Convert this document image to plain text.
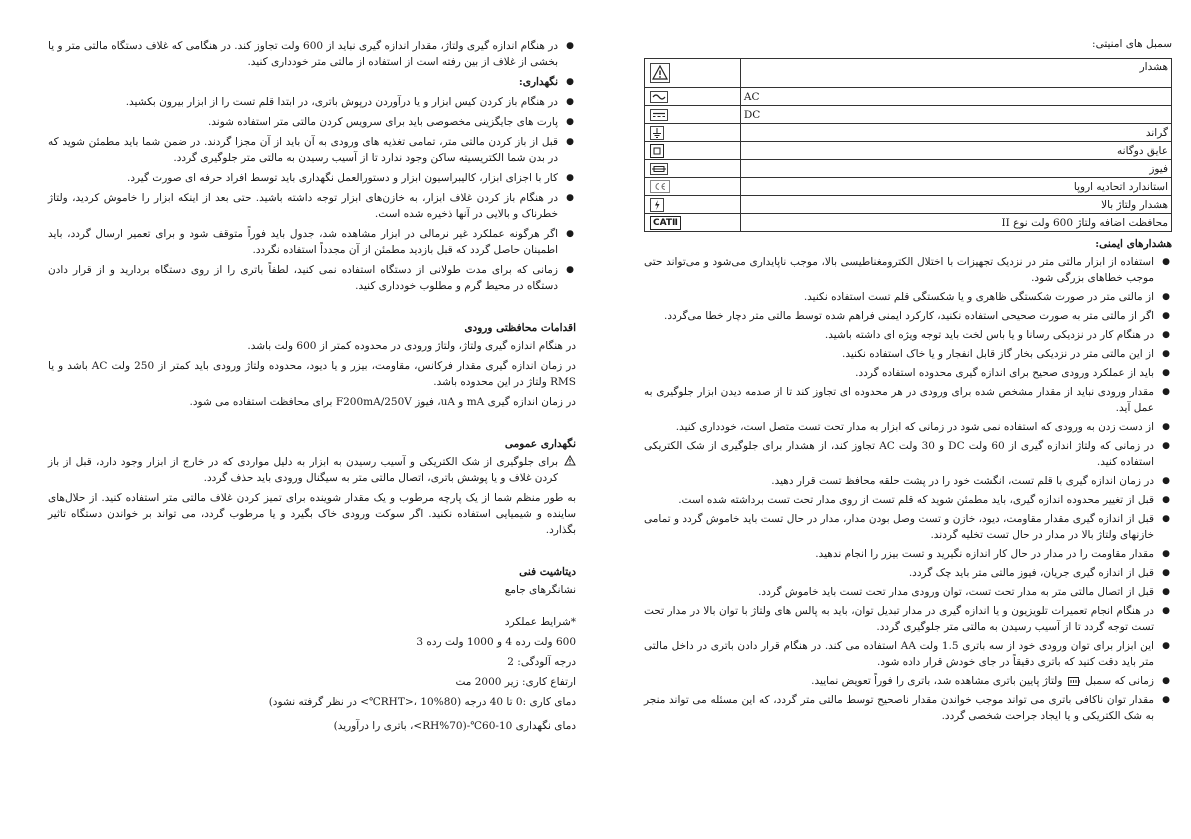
سمبل های امنیتی:
هشدار	
AC	
DC	
گراند	
عایق دوگانه	
فیوز	
استاندارد اتحادیه اروپا	
هشدار ولتاژ بالا	
محافظت اضافه ولتاژ 600 ولت نوع II	CATⅡ
هشدارهای ایمنی:
● استفاده از ابزار مالتی متر در نزدیک تجهیزات با اختلال الکترومغناطیسی بالا، موجب ناپایداری می‌شود و می‌تواند حتی موجب خطاهای بزرگی شود.
● از مالتی متر در صورت شکستگی ظاهری و یا شکستگی قلم تست استفاده نکنید.
● اگر از مالتی متر به صورت صحیحی استفاده نکنید، کارکرد ایمنی فراهم شده توسط مالتی متر دچار خطا می‌گردد.
● در هنگام کار در نزدیکی رسانا و یا باس لخت باید توجه ویژه ای داشته باشید.
● از این مالتی متر در نزدیکی بخار گاز قابل انفجار و یا خاک استفاده نکنید.
● باید از عملکرد ورودی صحیح برای اندازه گیری محدوده استفاده گردد.
● مقدار ورودی نباید از مقدار مشخص شده برای ورودی در هر محدوده ای تجاوز کند تا از صدمه دیدن ابزار جلوگیری به عمل آید.
● از دست زدن به ورودی که استفاده نمی شود در زمانی که ابزار به مدار تحت تست متصل است، خودداری کنید.
● در زمانی که ولتاژ اندازه گیری از 60 ولت DC و 30 ولت AC تجاوز کند، از هشدار برای جلوگیری از شک الکتریکی استفاده کنید.
● در زمان اندازه گیری با قلم تست، انگشت خود را در پشت حلقه محافظ تست قرار دهید.
● قبل از تغییر محدوده اندازه گیری، باید مطمئن شوید که قلم تست از روی مدار تحت تست برداشته شده است.
● قبل از اندازه گیری مقدار مقاومت، دیود، خازن و تست وصل بودن مدار، مدار در حال تست باید خاموش گردد و تمامی خازنهای ولتاژ بالا در مدار در حال تست تخلیه گردند.
● مقدار مقاومت را در مدار در حال کار اندازه نگیرید و تست بیزر را انجام ندهید.
● قبل از اندازه گیری جریان، فیوز مالتی متر باید چک گردد.
● قبل از اتصال مالتی متر به مدار تحت تست، توان ورودی مدار تحت تست باید خاموش گردد.
● در هنگام انجام تعمیرات تلویزیون و یا اندازه گیری در مدار تبدیل توان، باید به پالس های ولتاژ با توان بالا در مدار تحت تست توجه گردد تا از آسیب رسیدن به مالتی متر جلوگیری گردد.
● این ابزار برای توان ورودی خود از سه باتری 1.5 ولت AA استفاده می کند. در هنگام قرار دادن باتری در داخل مالتی متر باید دقت کنید که باتری دقیقاً در جای خودش قرار داده شود.
● زمانی که سمبل  ولتاژ پایین باتری مشاهده شد، باتری را فوراً تعویض نمایید.
● مقدار توان ناکافی باتری می تواند موجب خواندن مقدار ناصحیح توسط مالتی متر گردد، که این مسئله می تواند منجر به شک الکتریکی و یا ایجاد جراحت شخصی گردد.
● در هنگام اندازه گیری ولتاژ، مقدار اندازه گیری نباید از 600 ولت تجاوز کند. در هنگامی که غلاف دستگاه مالتی متر و یا بخشی از غلاف از بین رفته است از استفاده از مالتی متر خودداری کنید.
● نگهداری:
● در هنگام باز کردن کیس ابزار و یا درآوردن درپوش باتری، در ابتدا قلم تست را از ابزار بیرون بکشید.
● پارت های جایگزینی مخصوصی باید برای سرویس کردن مالتی متر استفاده شوند.
● قبل از باز کردن مالتی متر، تمامی تغذیه های ورودی به آن باید از آن مجزا گردند. در ضمن شما باید مطمئن شوید که در بدن شما الکتریسیته ساکن وجود ندارد تا از آسیب رسیدن به مالتی متر جلوگیری گردد.
● کار با اجزای ابزار، کالیبراسیون ابزار و دستورالعمل نگهداری باید توسط افراد حرفه ای صورت گیرد.
● در هنگام باز کردن غلاف ابزار، به خازن‌های ابزار توجه داشته باشید. حتی بعد از اینکه ابزار را خاموش کردید، ولتاژ خطرناک و بالایی در آنها ذخیره شده است.
● اگر هرگونه عملکرد غیر نرمالی در ابزار مشاهده شد، جدول باید فوراً متوقف شود و برای تعمیر ارسال گردد، باید اطمینان حاصل گردد که قبل بازدید مطمئن از آن مجدداً استفاده نگردد.
● زمانی که برای مدت طولانی از دستگاه استفاده نمی کنید، لطفاً باتری را از روی دستگاه بردارید و از قرار دادن دستگاه در محیط گرم و مطلوب خودداری کنید.
اقدامات محافظتی ورودی

در هنگام اندازه گیری ولتاژ، ولتاژ ورودی در محدوده کمتر از 600 ولت باشد.

در زمان اندازه گیری مقدار فرکانس، مقاومت، بیزر و یا دیود، محدوده ولتاژ ورودی باید کمتر از 250 ولت AC باشد و یا RMS ولتاژ در این محدوده باشد.

در زمان اندازه گیری mA و uA، فیوز F200mA/250V برای محافظت استفاده می شود.

نگهداری عمومی

برای جلوگیری از شک الکتریکی و آسیب رسیدن به ابزار به دلیل مواردی که در خارج از ابزار وجود دارد، قبل از باز کردن غلاف و یا پوشش باتری، اتصال مالتی متر به سیگنال ورودی باید حذف گردد.

به طور منظم شما از یک پارچه مرطوب و یک مقدار شوینده برای تمیز کردن غلاف مالتی متر استفاده کنید. از حلال‌های ساینده و شیمیایی استفاده نکنید. اگر سوکت ورودی خاک بگیرد و یا مرطوب گردد، می تواند بر خواندن دستگاه تاثیر بگذارد.

دیتاشیت فنی
نشانگرهای جامع
*شرایط عملکرد
600 ولت رده 4 و 1000 ولت رده 3
درجه آلودگی: 2
ارتفاع کاری: زیر 2000 مت
دمای کاری :0 تا 40 درجه (80%RHT>، 10℃> در نظر گرفته نشود)
دمای نگهداری 10-60℃-(70%RH>، باتری را درآورید)
